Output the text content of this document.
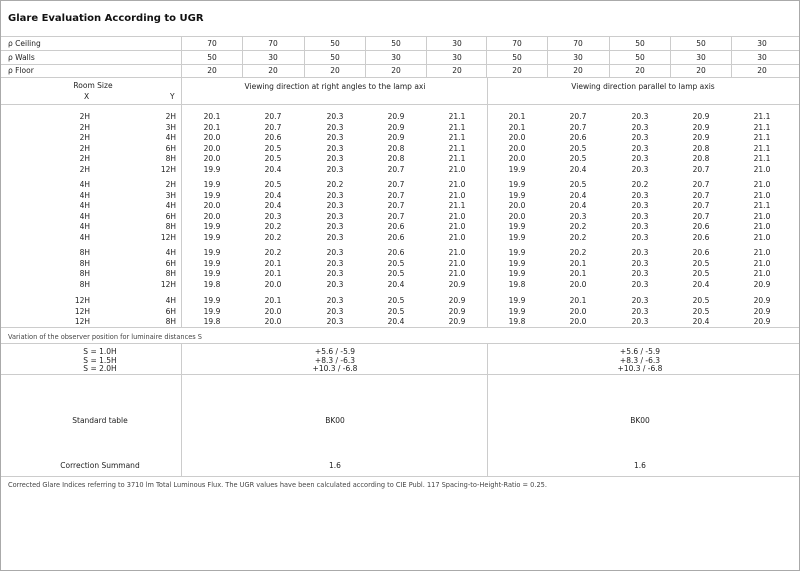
Glare Evaluation According to UGR
ρ Ceiling	70	70	50	50	30	70	70	50	50	30
ρ Walls	50	30	50	30	30	50	30	50	30	30
ρ Floor	20	20	20	20	20	20	20	20	20	20
Room Size
X	Y
Viewing direction at right angles to the lamp axi	Viewing direction parallel to lamp axis
2H	2H	20.1	20.7	20.3	20.9	21.1	20.1	20.7	20.3	20.9	21.1
2H	3H	20.1	20.7	20.3	20.9	21.1	20.1	20.7	20.3	20.9	21.1
2H	4H	20.0	20.6	20.3	20.9	21.1	20.0	20.6	20.3	20.9	21.1
2H	6H	20.0	20.5	20.3	20.8	21.1	20.0	20.5	20.3	20.8	21.1
2H	8H	20.0	20.5	20.3	20.8	21.1	20.0	20.5	20.3	20.8	21.1
2H	12H	19.9	20.4	20.3	20.7	21.0	19.9	20.4	20.3	20.7	21.0
4H	2H	19.9	20.5	20.2	20.7	21.0	19.9	20.5	20.2	20.7	21.0
4H	3H	19.9	20.4	20.3	20.7	21.0	19.9	20.4	20.3	20.7	21.0
4H	4H	20.0	20.4	20.3	20.7	21.1	20.0	20.4	20.3	20.7	21.1
4H	6H	20.0	20.3	20.3	20.7	21.0	20.0	20.3	20.3	20.7	21.0
4H	8H	19.9	20.2	20.3	20.6	21.0	19.9	20.2	20.3	20.6	21.0
4H	12H	19.9	20.2	20.3	20.6	21.0	19.9	20.2	20.3	20.6	21.0
8H	4H	19.9	20.2	20.3	20.6	21.0	19.9	20.2	20.3	20.6	21.0
8H	6H	19.9	20.1	20.3	20.5	21.0	19.9	20.1	20.3	20.5	21.0
8H	8H	19.9	20.1	20.3	20.5	21.0	19.9	20.1	20.3	20.5	21.0
8H	12H	19.8	20.0	20.3	20.4	20.9	19.8	20.0	20.3	20.4	20.9
12H	4H	19.9	20.1	20.3	20.5	20.9	19.9	20.1	20.3	20.5	20.9
12H	6H	19.9	20.0	20.3	20.5	20.9	19.9	20.0	20.3	20.5	20.9
12H	8H	19.8	20.0	20.3	20.4	20.9	19.8	20.0	20.3	20.4	20.9
Variation of the observer position for luminaire distances S
S = 1.0H	+5.6 / -5.9	+5.6 / -5.9
S = 1.5H	+8.3 / -6.3	+8.3 / -6.3
S = 2.0H	+10.3 / -6.8	+10.3 / -6.8
Standard table	BK00	BK00
Correction Summand	1.6	1.6
Corrected Glare Indices referring to 3710 lm Total Luminous Flux. The UGR values have been calculated according to CIE Publ. 117 Spacing-to-Height-Ratio = 0.25.
